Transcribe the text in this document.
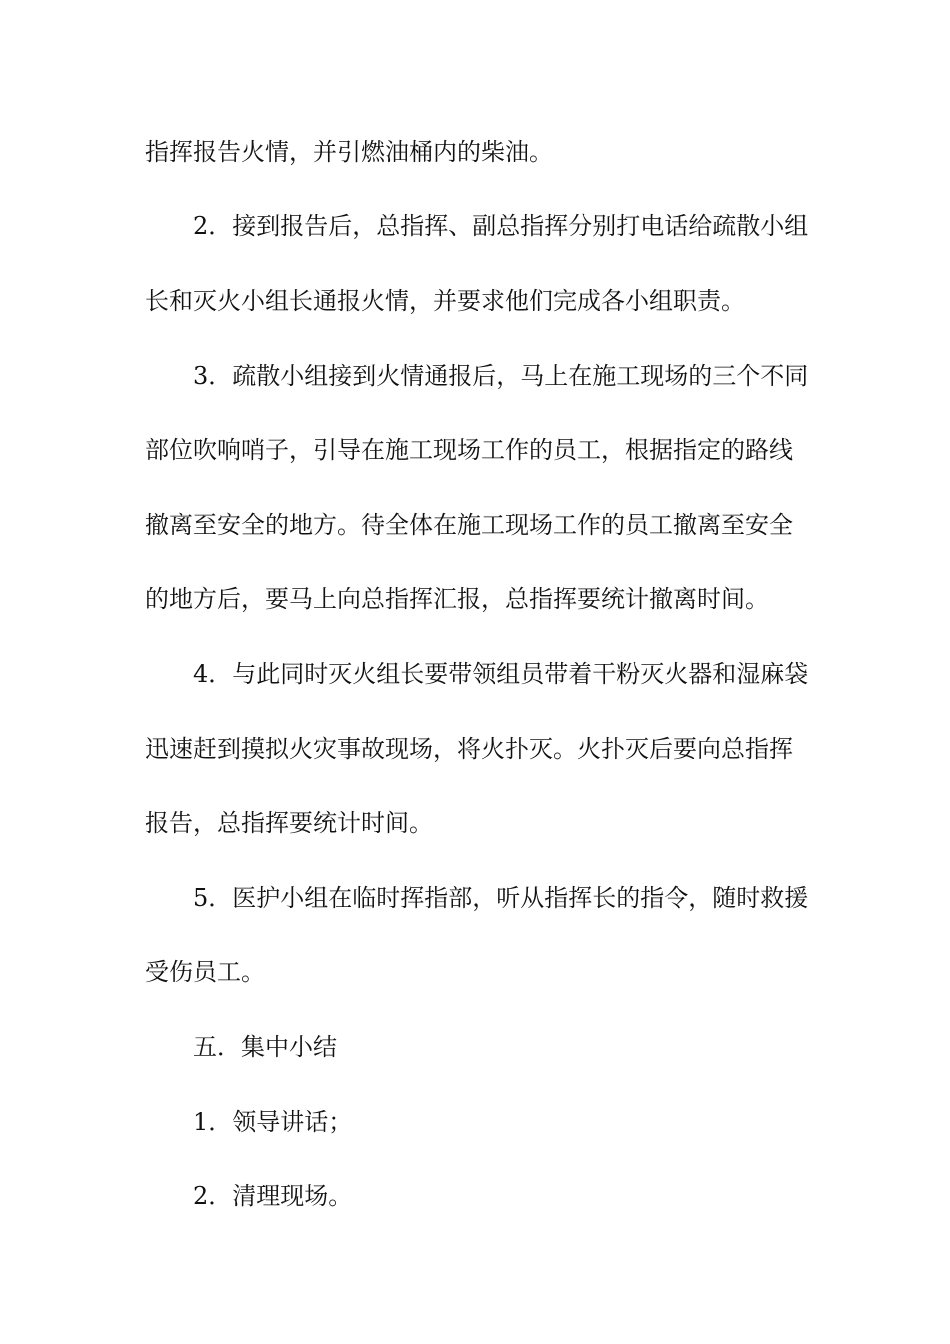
指挥报告火情，并引燃油桶内的柴油。
2．接到报告后，总指挥、副总指挥分别打电话给疏散小组
长和灭火小组长通报火情，并要求他们完成各小组职责。
3．疏散小组接到火情通报后，马上在施工现场的三个不同
部位吹响哨子，引导在施工现场工作的员工，根据指定的路线
撤离至安全的地方。待全体在施工现场工作的员工撤离至安全
的地方后，要马上向总指挥汇报，总指挥要统计撤离时间。
4．与此同时灭火组长要带领组员带着干粉灭火器和湿麻袋
迅速赶到摸拟火灾事故现场，将火扑灭。火扑灭后要向总指挥
报告，总指挥要统计时间。
5．医护小组在临时挥指部，听从指挥长的指令，随时救援
受伤员工。
五．集中小结
1．领导讲话；
2．清理现场。
